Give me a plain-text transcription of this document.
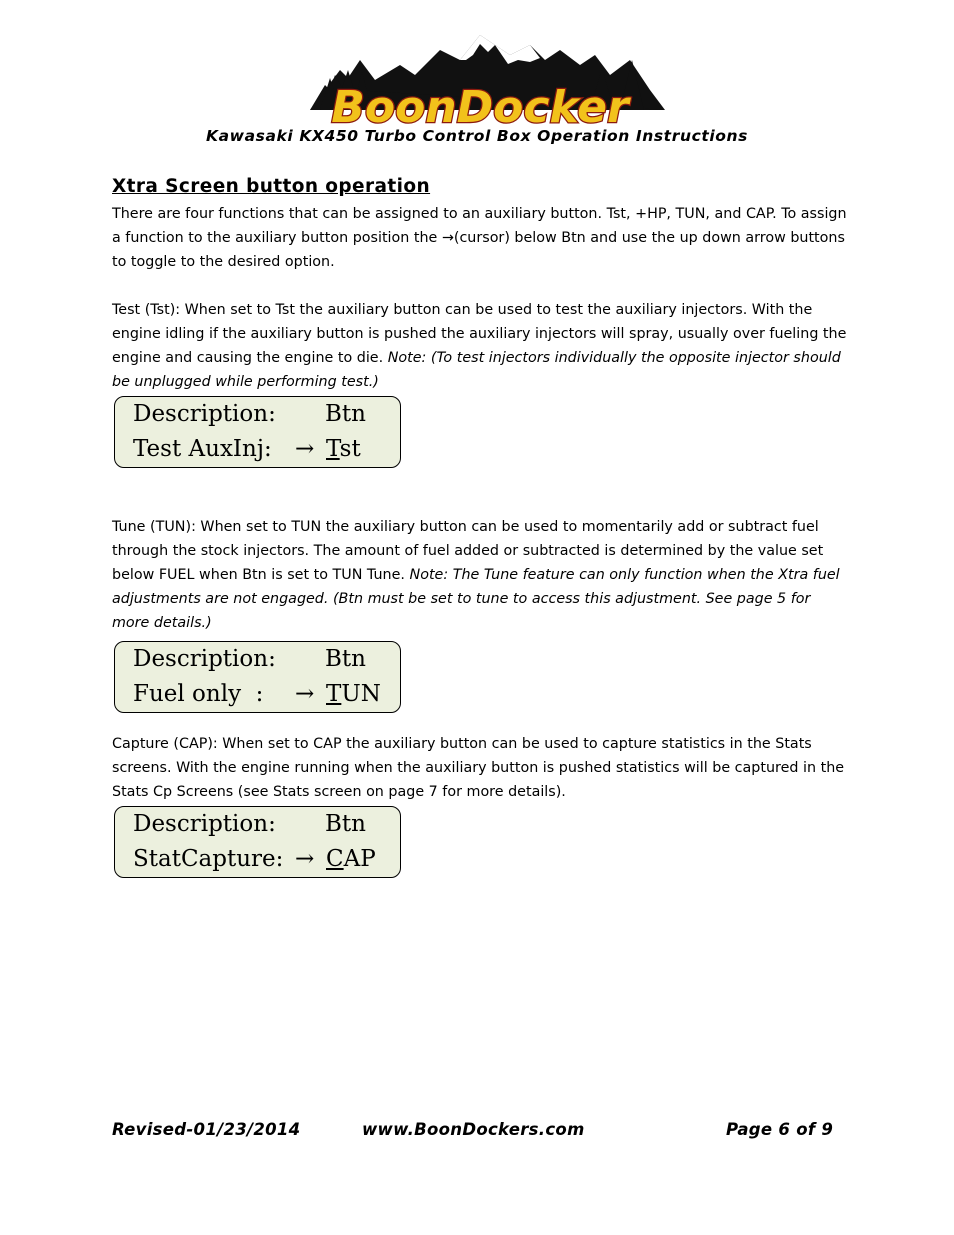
BoonDocker
Kawasaki KX450 Turbo Control Box Operation Instructions
Xtra Screen button operation
There are four functions that can be assigned to an auxiliary button. Tst, +HP, TUN, and CAP. To assign a function to the auxiliary button position the →(cursor) below Btn and use the up down arrow buttons to toggle to the desired option.
Test (Tst): When set to Tst the auxiliary button can be used to test the auxiliary injectors. With the engine idling if the auxiliary button is pushed the auxiliary injectors will spray, usually over fueling the engine and causing the engine to die. Note: (To test injectors individually the opposite injector should be unplugged while performing test.)
Description: Btn
Test AuxInj: → Tst
Tune (TUN): When set to TUN the auxiliary button can be used to momentarily add or subtract fuel through the stock injectors. The amount of fuel added or subtracted is determined by the value set below FUEL when Btn is set to TUN Tune. Note: The Tune feature can only function when the Xtra fuel adjustments are not engaged. (Btn must be set to tune to access this adjustment. See page 5 for more details.)
Description: Btn
Fuel only  : → TUN
Capture (CAP): When set to CAP the auxiliary button can be used to capture statistics in the Stats screens. With the engine running when the auxiliary button is pushed statistics will be captured in the Stats Cp Screens (see Stats screen on page 7 for more details).
Description: Btn
StatCapture: → CAP
Revised-01/23/2014	www.BoonDockers.com	Page 6 of 9
